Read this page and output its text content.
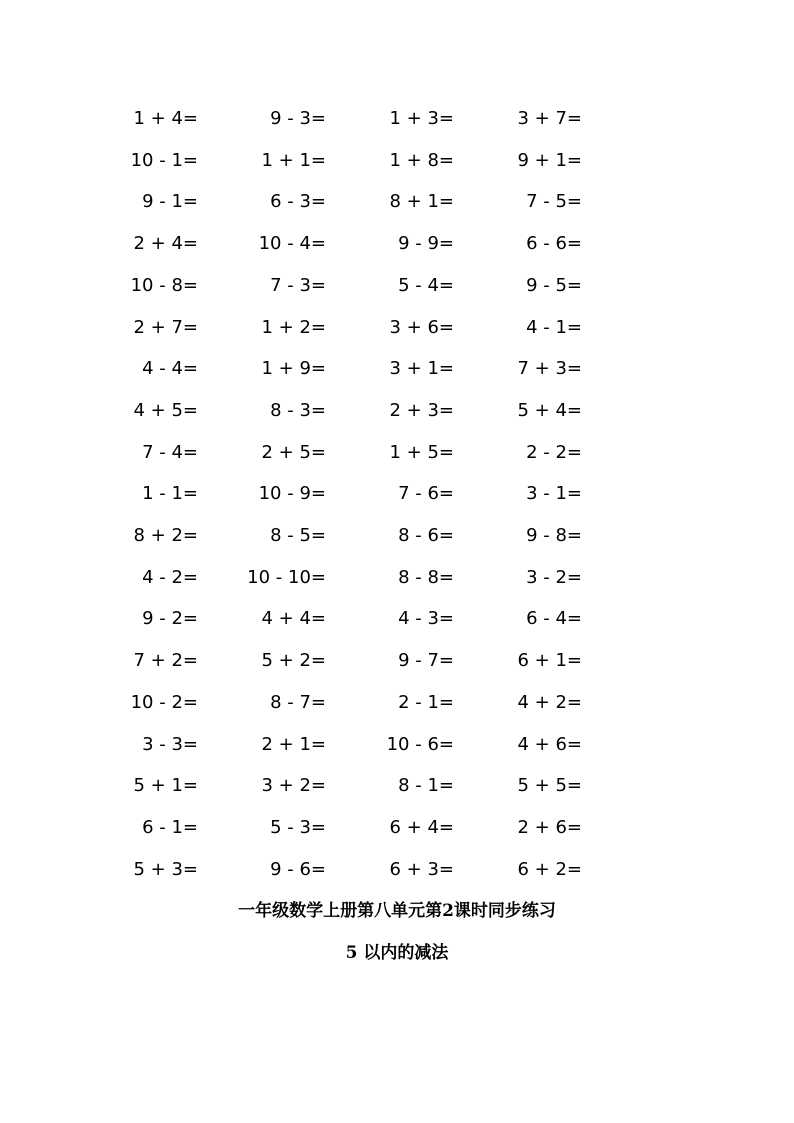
1 + 4=	9 - 3=	1 + 3=	3 + 7=
10 - 1=	1 + 1=	1 + 8=	9 + 1=
9 - 1=	6 - 3=	8 + 1=	7 - 5=
2 + 4=	10 - 4=	9 - 9=	6 - 6=
10 - 8=	7 - 3=	5 - 4=	9 - 5=
2 + 7=	1 + 2=	3 + 6=	4 - 1=
4 - 4=	1 + 9=	3 + 1=	7 + 3=
4 + 5=	8 - 3=	2 + 3=	5 + 4=
7 - 4=	2 + 5=	1 + 5=	2 - 2=
1 - 1=	10 - 9=	7 - 6=	3 - 1=
8 + 2=	8 - 5=	8 - 6=	9 - 8=
4 - 2=	10 - 10=	8 - 8=	3 - 2=
9 - 2=	4 + 4=	4 - 3=	6 - 4=
7 + 2=	5 + 2=	9 - 7=	6 + 1=
10 - 2=	8 - 7=	2 - 1=	4 + 2=
3 - 3=	2 + 1=	10 - 6=	4 + 6=
5 + 1=	3 + 2=	8 - 1=	5 + 5=
6 - 1=	5 - 3=	6 + 4=	2 + 6=
5 + 3=	9 - 6=	6 + 3=	6 + 2=
一年级数学上册第八单元第2课时同步练习
5 以内的减法
